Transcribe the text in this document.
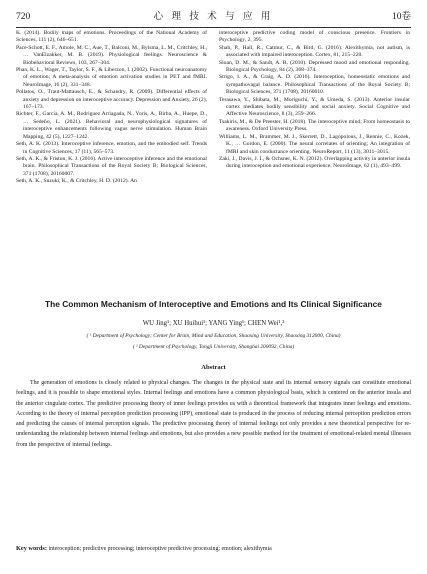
720	心 理 技 术 与 应 用	10卷

K. (2014). Bodily maps of emotions. Proceedings of the National Academy of Sciences, 111 (2), 646–651.

Pace-Schott, E. F., Amole, M. C., Aue, T., Balconi, M., Bylsma, L. M., Critchley, H., … VanElzakker, M. B. (2019). Physiological feelings. Neuroscience & Biobehavioral Reviews, 103, 267–304.

Phan, K. L., Wager, T., Taylor, S. F., & Liberzon, I. (2002). Functional neuroanatomy of emotion; A meta-analysis of emotion activation studies in PET and fMRI. NeuroImage, 16 (2), 331–348.

Pollatos, O., Traut-Mattausch, E., & Schandry, R. (2009). Differential effects of anxiety and depression on interoceptive accuracy. Depression and Anxiety, 26 (2), 167–173.

Richter, F., García, A. M., Rodriguez Arriagada, N., Yoris, A., Birba, A., Huepe, D., … Sedeño, L. (2021). Behavioral and neurophysiological signatures of interoceptive enhancements following vagus nerve stimulation. Human Brain Mapping, 42 (5), 1227–1242.

Seth, A. K. (2013). Interoceptive inference, emotion, and the embodied self. Trends in Cognitive Sciences, 17 (11), 565–573.

Seth, A. K., & Friston, K. J. (2016). Active interoceptive inference and the emotional brain. Philosophical Transactions of the Royal Society B; Biological Sciences, 371 (1708), 20160007.

Seth, A. K., Suzuki, K., & Critchley, H. D. (2012). An

interoceptive predictive coding model of conscious presence. Frontiers in Psychology, 2, 395.

Shah, P., Hall, R., Catmur, C., & Bird, G. (2016). Alexithymia, not autism, is associated with impaired interoception. Cortex, 81, 215–220.

Sloan, D. M., & Sandt, A. R. (2010). Depressed mood and emotional responding. Biological Psychology, 84 (2), 368–374.

Strigo, I. A., & Craig, A. D. (2016). Interoception, homeostatic emotions and sympathovagal balance. Philosophical Transactions of the Royal Society B; Biological Sciences, 371 (1708), 20160010.

Terasawa, Y., Shibata, M., Moriguchi, Y., & Umeda, S. (2013). Anterior insular cortex mediates bodily sensibility and social anxiety. Social Cognitive and Affective Neuroscience, 8 (3), 259–266.

Tsakiris, M., & De Preester, H. (2018). The interoceptive mind; From homeostasis to awareness. Oxford University Press.

Williams, L. M., Brammer, M. J., Skerrett, D., Lagopolous, J., Rennie, C., Kozek, K., … Gordon, E. (2000). The neural correlates of orienting; An integration of fMRI and skin conductance orienting. NeuroReport, 11 (13), 3011–3015.

Zaki, J., Davis, J. I., & Ochsner, K. N. (2012). Overlapping activity in anterior insula during interoception and emotional experience. NeuroImage, 62 (1), 493–499.

The Common Mechanism of Interoceptive and Emotions and Its Clinical Significance
WU Jing¹; XU Huihui¹; YANG Ying¹; CHEN Wei¹,²
( ¹ Department of Psychology; Center for Brain, Mind and Education, Shaoxing University, Shaoxing 312000, China)
( ² Department of Psychology, Tongji University, Shanghai 200092, China)
Abstract

The generation of emotions is closely related to physical changes. The changes in the physical state and its internal sensory signals can constitute emotional feelings, and it is possible to shape emotional styles. Internal feelings and emotions have a common physiological basis, which is centered on the anterior insula and the anterior cingulate cortex. The predictive processing theory of inner feelings provides us with a theoretical framework that integrates inner feelings and emotions. According to the theory of internal perception prediction processing (IPP), emotional state is produced in the process of reducing internal perception prediction errors and predicting the causes of internal perception signals. The predictive processing theory of internal feelings not only provides a new theoretical perspective for re-understanding the relationship between internal feelings and emotions, but also provides a new possible method for the treatment of emotional-related mental illnesses from the perspective of internal feelings.

Key words: interoception; predictive processing; interoceptive predictive processing; emotion; alexithymia
